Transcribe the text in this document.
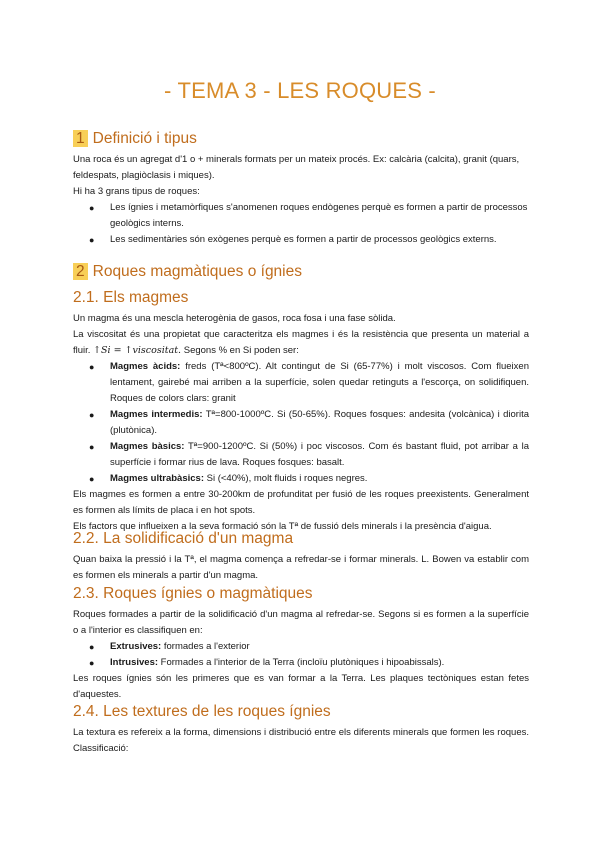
- TEMA 3 - LES ROQUES -
1 Definició i tipus

Una roca és un agregat d'1 o + minerals formats per un mateix procés. Ex: calcària (calcita), granit (quars, feldespats, plagiòclasis i miques).

Hi ha 3 grans tipus de roques:

● Les ígnies i metamòrfiques s'anomenen roques endògenes perquè es formen a partir de processos geològics interns.
● Les sedimentàries són exògenes perquè es formen a partir de processos geològics externs.
2 Roques magmàtiques o ígnies
2.1. Els magmes

Un magma és una mescla heterogènia de gasos, roca fosa i una fase sòlida.

La viscositat és una propietat que caracteritza els magmes i és la resistència que presenta un material a fluir. ↑Si = ↑viscositat. Segons % en Si poden ser:

● Magmes àcids: freds (Tª<800ºC). Alt contingut de Si (65-77%) i molt viscosos. Com flueixen lentament, gairebé mai arriben a la superfície, solen quedar retinguts a l'escorça, on solidifiquen. Roques de colors clars: granit
● Magmes intermedis: Tª=800-1000ºC. Si (50-65%). Roques fosques: andesita (volcànica) i diorita (plutònica).
● Magmes bàsics: Tª=900-1200ºC. Si (50%) i poc viscosos. Com és bastant fluid, pot arribar a la superfície i formar rius de lava. Roques fosques: basalt.
● Magmes ultrabàsics: Si (<40%), molt fluids i roques negres.

Els magmes es formen a entre 30-200km de profunditat per fusió de les roques preexistents. Generalment es formen als límits de placa i en hot spots.

Els factors que influeixen a la seva formació són la Tª de fussió dels minerals i la presència d'aigua.

2.2. La solidificació d'un magma

Quan baixa la pressió i la Tª, el magma comença a refredar-se i formar minerals. L. Bowen va establir com es formen els minerals a partir d'un magma.

2.3. Roques ígnies o magmàtiques

Roques formades a partir de la solidificació d'un magma al refredar-se. Segons si es formen a la superfície o a l'interior es classifiquen en:

● Extrusives: formades a l'exterior
● Intrusives: Formades a l'interior de la Terra (incloïu plutòniques i hipoabissals).

Les roques ígnies són les primeres que es van formar a la Terra. Les plaques tectòniques estan fetes d'aquestes.

2.4. Les textures de les roques ígnies

La textura es refereix a la forma, dimensions i distribució entre els diferents minerals que formen les roques. Classificació:
